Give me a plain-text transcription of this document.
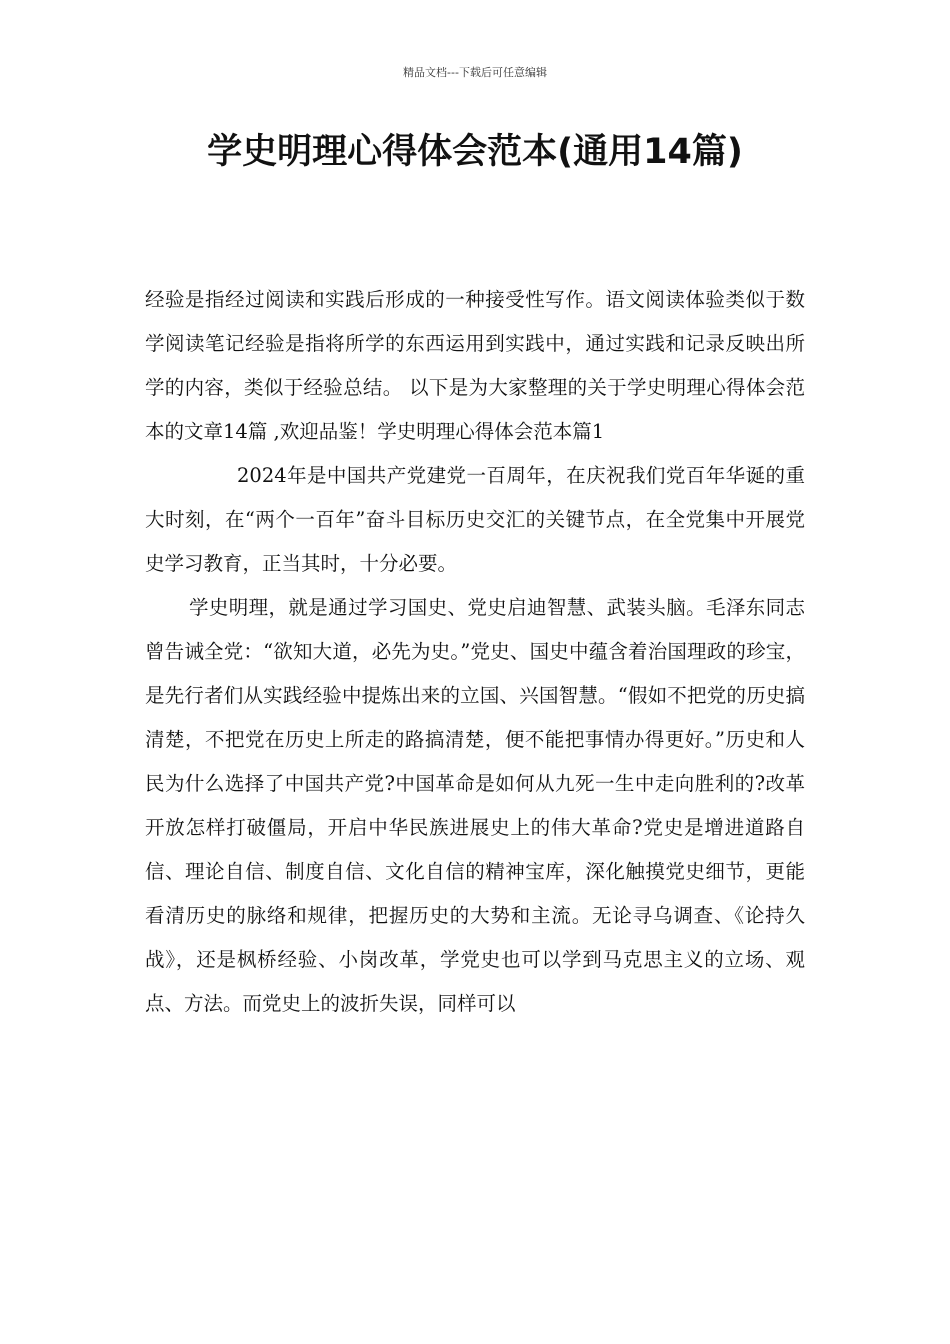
精品文档---下载后可任意编辑
学史明理心得体会范本(通用14篇)

经验是指经过阅读和实践后形成的一种接受性写作。语文阅读体验类似于数学阅读笔记经验是指将所学的东西运用到实践中，通过实践和记录反映出所学的内容，类似于经验总结。 以下是为大家整理的关于学史明理心得体会范本的文章14篇 ,欢迎品鉴！学史明理心得体会范本篇1

2024年是中国共产党建党一百周年，在庆祝我们党百年华诞的重大时刻，在“两个一百年”奋斗目标历史交汇的关键节点，在全党集中开展党史学习教育，正当其时，十分必要。

学史明理，就是通过学习国史、党史启迪智慧、武装头脑。毛泽东同志曾告诫全党：“欲知大道，必先为史。”党史、国史中蕴含着治国理政的珍宝，是先行者们从实践经验中提炼出来的立国、兴国智慧。“假如不把党的历史搞清楚，不把党在历史上所走的路搞清楚，便不能把事情办得更好。”历史和人民为什么选择了中国共产党?中国革命是如何从九死一生中走向胜利的?改革开放怎样打破僵局，开启中华民族进展史上的伟大革命?党史是增进道路自信、理论自信、制度自信、文化自信的精神宝库，深化触摸党史细节，更能看清历史的脉络和规律，把握历史的大势和主流。无论寻乌调查、《论持久战》，还是枫桥经验、小岗改革，学党史也可以学到马克思主义的立场、观点、方法。而党史上的波折失误，同样可以
